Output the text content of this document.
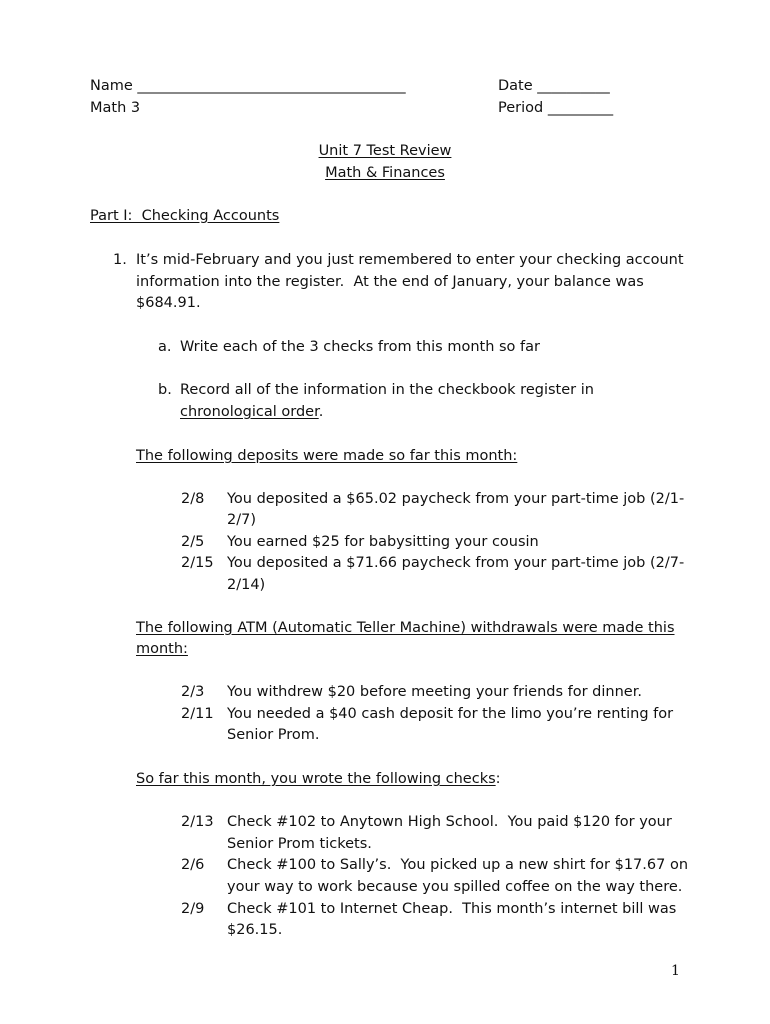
Name _____________________________________	Date __________
Math 3	Period _________
Unit 7 Test Review
Math & Finances
Part I:  Checking Accounts
1. It’s mid-February and you just remembered to enter your checking account
information into the register.  At the end of January, your balance was
$684.91.
a. Write each of the 3 checks from this month so far
b. Record all of the information in the checkbook register in
chronological order.
The following deposits were made so far this month:
2/8 You deposited a $65.02 paycheck from your part-time job (2/1-
2/7)
2/5 You earned $25 for babysitting your cousin
2/15 You deposited a $71.66 paycheck from your part-time job (2/7-
2/14)
The following ATM (Automatic Teller Machine) withdrawals were made this
month:
2/3 You withdrew $20 before meeting your friends for dinner.
2/11 You needed a $40 cash deposit for the limo you’re renting for
Senior Prom.
So far this month, you wrote the following checks:
2/13 Check #102 to Anytown High School.  You paid $120 for your
Senior Prom tickets.
2/6 Check #100 to Sally’s.  You picked up a new shirt for $17.67 on
your way to work because you spilled coffee on the way there.
2/9 Check #101 to Internet Cheap.  This month’s internet bill was
$26.15.
1
